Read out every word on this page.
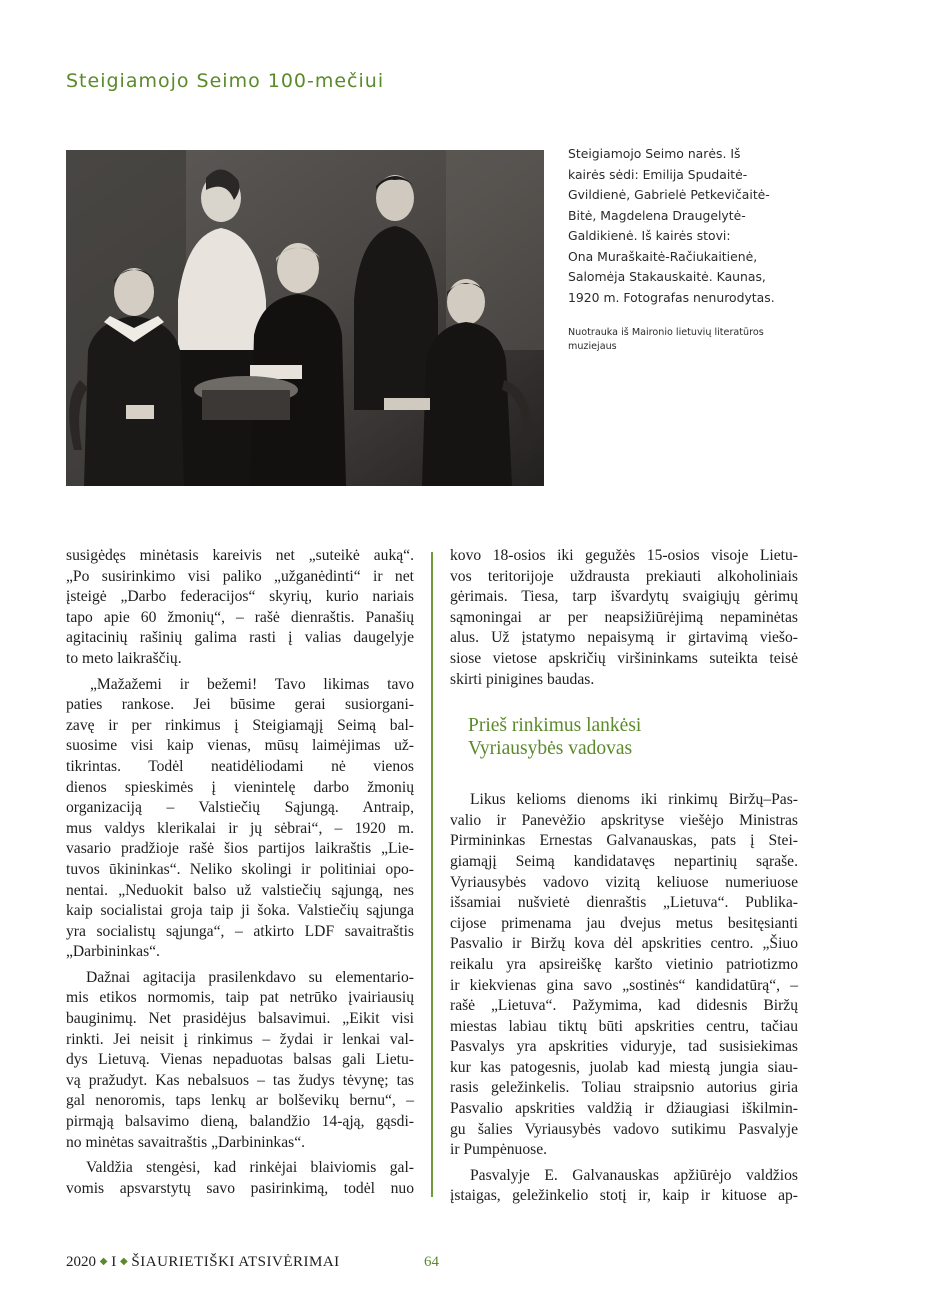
Steigiamojo Seimo 100-mečiui
Steigiamojo Seimo narės. Iš
kairės sėdi: Emilija Spudaitė-
Gvildienė, Gabrielė Petkevičaitė-
Bitė, Magdelena Draugelytė-
Galdikienė. Iš kairės stovi:
Ona Muraškaitė-Račiukaitienė,
Salomėja Stakauskaitė. Kaunas,
1920 m. Fotografas nenurodytas.
Nuotrauka iš Maironio lietuvių literatūros
muziejaus
susigėdęs minėtasis kareivis net „suteikė auką“.
„Po susirinkimo visi paliko „užganėdinti“ ir net
įsteigė „Darbo federacijos“ skyrių, kurio nariais
tapo apie 60 žmonių“, – rašė dienraštis. Panašių
agitacinių rašinių galima rasti į valias daugelyje
to meto laikraščių.
„Mažažemi ir bežemi! Tavo likimas tavo
paties rankose. Jei būsime gerai susiorgani-
zavę ir per rinkimus į Steigiamąjį Seimą bal-
suosime visi kaip vienas, mūsų laimėjimas už-
tikrintas. Todėl neatidėliodami nė vienos
dienos spieskimės į vienintelę darbo žmonių
organizaciją – Valstiečių Sąjungą. Antraip,
mus valdys klerikalai ir jų sėbrai“, – 1920 m.
vasario pradžioje rašė šios partijos laikraštis „Lie-
tuvos ūkininkas“. Neliko skolingi ir politiniai opo-
nentai. „Neduokit balso už valstiečių sąjungą, nes
kaip socialistai groja taip ji šoka. Valstiečių sąjunga
yra socialistų sąjunga“, – atkirto LDF savaitraštis
„Darbininkas“.
Dažnai agitacija prasilenkdavo su elementario-
mis etikos normomis, taip pat netrūko įvairiausių
bauginimų. Net prasidėjus balsavimui. „Eikit visi
rinkti. Jei neisit į rinkimus – žydai ir lenkai val-
dys Lietuvą. Vienas nepaduotas balsas gali Lietu-
vą pražudyt. Kas nebalsuos – tas žudys tėvynę; tas
gal nenoromis, taps lenkų ar bolševikų bernu“, –
pirmąją balsavimo dieną, balandžio 14-ąją, gąsdi-
no minėtas savaitraštis „Darbininkas“.
Valdžia stengėsi, kad rinkėjai blaiviomis gal-
vomis apsvarstytų savo pasirinkimą, todėl nuo
kovo 18-osios iki gegužės 15-osios visoje Lietu-
vos teritorijoje uždrausta prekiauti alkoholiniais
gėrimais. Tiesa, tarp išvardytų svaigiųjų gėrimų
sąmoningai ar per neapsižiūrėjimą nepaminėtas
alus. Už įstatymo nepaisymą ir girtavimą viešo-
siose vietose apskričių viršininkams suteikta teisė
skirti pinigines baudas.
Prieš rinkimus lankėsi
Vyriausybės vadovas
Likus kelioms dienoms iki rinkimų Biržų–Pas-
valio ir Panevėžio apskrityse viešėjo Ministras
Pirmininkas Ernestas Galvanauskas, pats į Stei-
giamąjį Seimą kandidatavęs nepartinių sąraše.
Vyriausybės vadovo vizitą keliuose numeriuose
išsamiai nušvietė dienraštis „Lietuva“. Publika-
cijose primenama jau dvejus metus besitęsianti
Pasvalio ir Biržų kova dėl apskrities centro. „Šiuo
reikalu yra apsireiškę karšto vietinio patriotizmo
ir kiekvienas gina savo „sostinės“ kandidatūrą“, –
rašė „Lietuva“. Pažymima, kad didesnis Biržų
miestas labiau tiktų būti apskrities centru, tačiau
Pasvalys yra apskrities viduryje, tad susisiekimas
kur kas patogesnis, juolab kad miestą jungia siau-
rasis geležinkelis. Toliau straipsnio autorius giria
Pasvalio apskrities valdžią ir džiaugiasi iškilmin-
gu šalies Vyriausybės vadovo sutikimu Pasvalyje
ir Pumpėnuose.
Pasvalyje E. Galvanauskas apžiūrėjo valdžios
įstaigas, geležinkelio stotį ir, kaip ir kituose ap-
2020 ◆ I ◆ ŠIAURIETIŠKI ATSIVĖRIMAI	64
